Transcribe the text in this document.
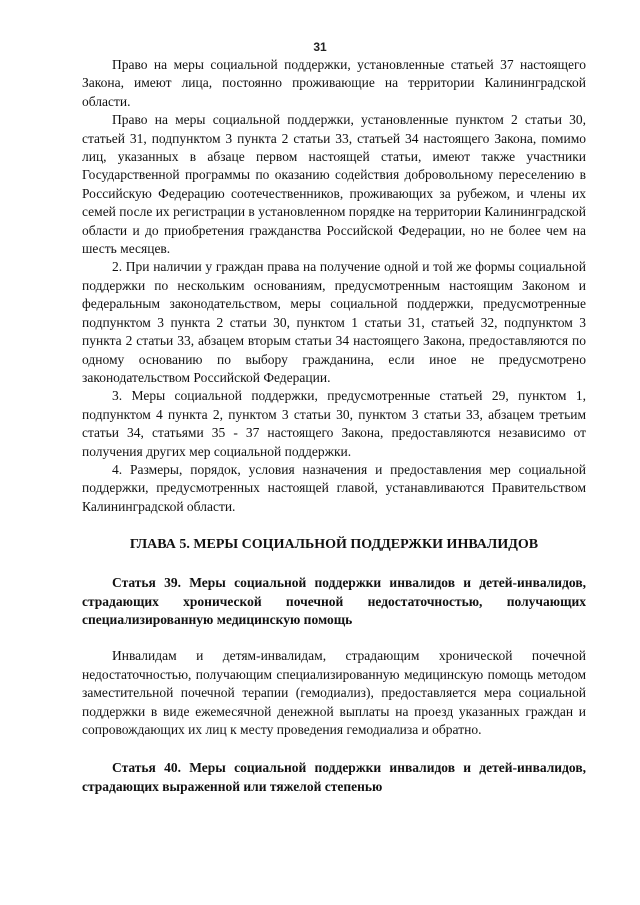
31

Право на меры социальной поддержки, установленные статьей 37 настоящего Закона, имеют лица, постоянно проживающие на территории Калининградской области.

Право на меры социальной поддержки, установленные пунктом 2 статьи 30, статьей 31, подпунктом 3 пункта 2 статьи 33, статьей 34 настоящего Закона, помимо лиц, указанных в абзаце первом настоящей статьи, имеют также участники Государственной программы по оказанию содействия добровольному переселению в Российскую Федерацию соотечественников, проживающих за рубежом, и члены их семей после их регистрации в установленном порядке на территории Калининградской области и до приобретения гражданства Российской Федерации, но не более чем на шесть месяцев.

2. При наличии у граждан права на получение одной и той же формы социальной поддержки по нескольким основаниям, предусмотренным настоящим Законом и федеральным законодательством, меры социальной поддержки, предусмотренные подпунктом 3 пункта 2 статьи 30, пунктом 1 статьи 31, статьей 32, подпунктом 3 пункта 2 статьи 33, абзацем вторым статьи 34 настоящего Закона, предоставляются по одному основанию по выбору гражданина, если иное не предусмотрено законодательством Российской Федерации.

3. Меры социальной поддержки, предусмотренные статьей 29, пунктом 1, подпунктом 4 пункта 2, пунктом 3 статьи 30, пунктом 3 статьи 33, абзацем третьим статьи 34, статьями 35 - 37 настоящего Закона, предоставляются независимо от получения других мер социальной поддержки.

4. Размеры, порядок, условия назначения и предоставления мер социальной поддержки, предусмотренных настоящей главой, устанавливаются Правительством Калининградской области.

ГЛАВА 5. МЕРЫ СОЦИАЛЬНОЙ ПОДДЕРЖКИ ИНВАЛИДОВ

Статья 39. Меры социальной поддержки инвалидов и детей-инвалидов, страдающих хронической почечной недостаточностью, получающих специализированную медицинскую помощь

Инвалидам и детям-инвалидам, страдающим хронической почечной недостаточностью, получающим специализированную медицинскую помощь методом заместительной почечной терапии (гемодиализ), предоставляется мера социальной поддержки в виде ежемесячной денежной выплаты на проезд указанных граждан и сопровождающих их лиц к месту проведения гемодиализа и обратно.

Статья 40. Меры социальной поддержки инвалидов и детей-инвалидов, страдающих выраженной или тяжелой степенью
